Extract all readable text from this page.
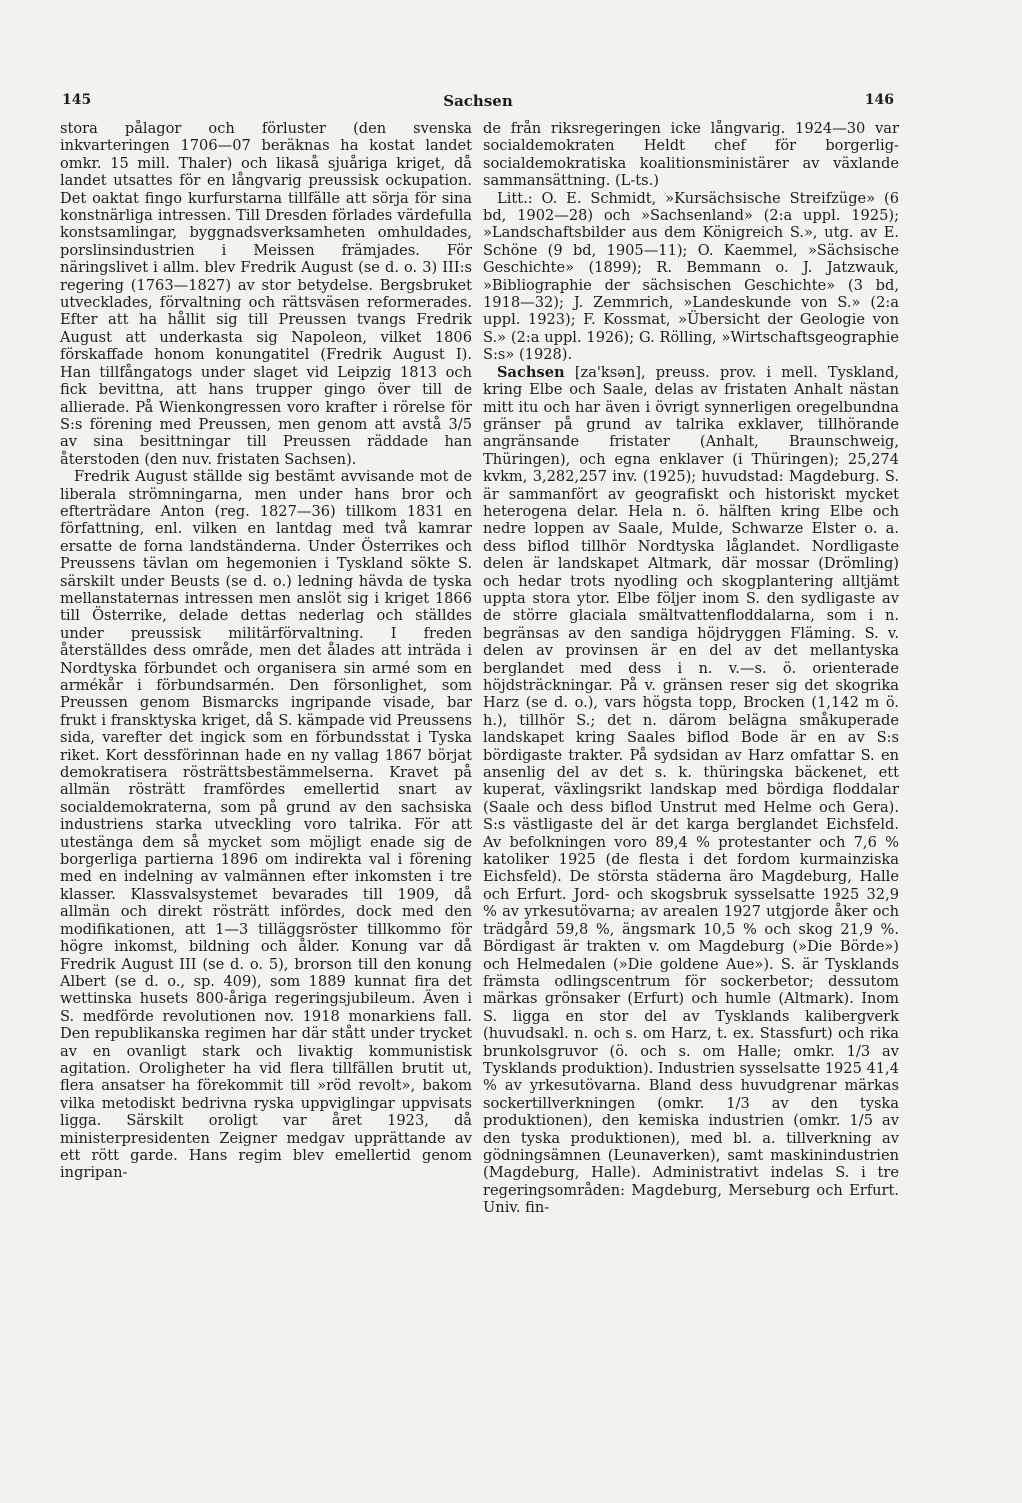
145	Sachsen	146

stora pålagor och förluster (den svenska inkvarteringen 1706—07 beräknas ha kostat landet omkr. 15 mill. Thaler) och likaså sjuåriga kriget, då landet utsattes för en långvarig preussisk ockupation. Det oaktat fingo kurfurstarna tillfälle att sörja för sina konstnärliga intressen. Till Dresden förlades värdefulla konstsamlingar, byggnadsverksamheten omhuldades, porslinsindustrien i Meissen främjades. För näringslivet i allm. blev Fredrik August (se d. o. 3) III:s regering (1763—1827) av stor betydelse. Bergsbruket utvecklades, förvaltning och rättsväsen reformerades. Efter att ha hållit sig till Preussen tvangs Fredrik August att underkasta sig Napoleon, vilket 1806 förskaffade honom konungatitel (Fredrik August I). Han tillfångatogs under slaget vid Leipzig 1813 och fick bevittna, att hans trupper gingo över till de allierade. På Wienkongressen voro krafter i rörelse för S:s förening med Preussen, men genom att avstå 3/5 av sina besittningar till Preussen räddade han återstoden (den nuv. fristaten Sachsen).

Fredrik August ställde sig bestämt avvisande mot de liberala strömningarna, men under hans bror och efterträdare Anton (reg. 1827—36) tillkom 1831 en författning, enl. vilken en lantdag med två kamrar ersatte de forna landständerna. Under Österrikes och Preussens tävlan om hegemonien i Tyskland sökte S. särskilt under Beusts (se d. o.) ledning hävda de tyska mellanstaternas intressen men anslöt sig i kriget 1866 till Österrike, delade dettas nederlag och ställdes under preussisk militärförvaltning. I freden återställdes dess område, men det ålades att inträda i Nordtyska förbundet och organisera sin armé som en armékår i förbundsarmén. Den försonlighet, som Preussen genom Bismarcks ingripande visade, bar frukt i fransktyska kriget, då S. kämpade vid Preussens sida, varefter det ingick som en förbundsstat i Tyska riket. Kort dessförinnan hade en ny vallag 1867 börjat demokratisera rösträttsbestämmelserna. Kravet på allmän rösträtt framfördes emellertid snart av socialdemokraterna, som på grund av den sachsiska industriens starka utveckling voro talrika. För att utestänga dem så mycket som möjligt enade sig de borgerliga partierna 1896 om indirekta val i förening med en indelning av valmännen efter inkomsten i tre klasser. Klassvalsystemet bevarades till 1909, då allmän och direkt rösträtt infördes, dock med den modifikationen, att 1—3 tilläggsröster tillkommo för högre inkomst, bildning och ålder. Konung var då Fredrik August III (se d. o. 5), brorson till den konung Albert (se d. o., sp. 409), som 1889 kunnat fira det wettinska husets 800-åriga regeringsjubileum. Även i S. medförde revolutionen nov. 1918 monarkiens fall. Den republikanska regimen har där stått under trycket av en ovanligt stark och livaktig kommunistisk agitation. Oroligheter ha vid flera tillfällen brutit ut, flera ansatser ha förekommit till »röd revolt», bakom vilka metodiskt bedrivna ryska uppviglingar uppvisats ligga. Särskilt oroligt var året 1923, då ministerpresidenten Zeigner medgav upprättande av ett rött garde. Hans regim blev emellertid genom ingripan-

de från riksregeringen icke långvarig. 1924—30 var socialdemokraten Heldt chef för borgerlig-socialdemokratiska koalitionsministärer av växlande sammansättning. (L-ts.)

Litt.: O. E. Schmidt, »Kursächsische Streifzüge» (6 bd, 1902—28) och »Sachsenland» (2:a uppl. 1925); »Landschaftsbilder aus dem Königreich S.», utg. av E. Schöne (9 bd, 1905—11); O. Kaemmel, »Sächsische Geschichte» (1899); R. Bemmann o. J. Jatzwauk, »Bibliographie der sächsischen Geschichte» (3 bd, 1918—32); J. Zemmrich, »Landeskunde von S.» (2:a uppl. 1923); F. Kossmat, »Übersicht der Geologie von S.» (2:a uppl. 1926); G. Rölling, »Wirtschaftsgeographie S:s» (1928).

Sachsen [za'ksən], preuss. prov. i mell. Tyskland, kring Elbe och Saale, delas av fristaten Anhalt nästan mitt itu och har även i övrigt synnerligen oregelbundna gränser på grund av talrika exklaver, tillhörande angränsande fristater (Anhalt, Braunschweig, Thüringen), och egna enklaver (i Thüringen); 25,274 kvkm, 3,282,257 inv. (1925); huvudstad: Magdeburg. S. är sammanfört av geografiskt och historiskt mycket heterogena delar. Hela n. ö. hälften kring Elbe och nedre loppen av Saale, Mulde, Schwarze Elster o. a. dess biflod tillhör Nordtyska låglandet. Nordligaste delen är landskapet Altmark, där mossar (Drömling) och hedar trots nyodling och skogplantering alltjämt uppta stora ytor. Elbe följer inom S. den sydligaste av de större glaciala smältvattenfloddalarna, som i n. begränsas av den sandiga höjdryggen Fläming. S. v. delen av provinsen är en del av det mellantyska berglandet med dess i n. v.—s. ö. orienterade höjdsträckningar. På v. gränsen reser sig det skogrika Harz (se d. o.), vars högsta topp, Brocken (1,142 m ö. h.), tillhör S.; det n. därom belägna småkuperade landskapet kring Saales biflod Bode är en av S:s bördigaste trakter. På sydsidan av Harz omfattar S. en ansenlig del av det s. k. thüringska bäckenet, ett kuperat, växlingsrikt landskap med bördiga floddalar (Saale och dess biflod Unstrut med Helme och Gera). S:s västligaste del är det karga berglandet Eichsfeld. Av befolkningen voro 89,4 % protestanter och 7,6 % katoliker 1925 (de flesta i det fordom kurmainziska Eichsfeld). De största städerna äro Magdeburg, Halle och Erfurt. Jord- och skogsbruk sysselsatte 1925 32,9 % av yrkesutövarna; av arealen 1927 utgjorde åker och trädgård 59,8 %, ängsmark 10,5 % och skog 21,9 %. Bördigast är trakten v. om Magdeburg (»Die Börde») och Helmedalen (»Die goldene Aue»). S. är Tysklands främsta odlingscentrum för sockerbetor; dessutom märkas grönsaker (Erfurt) och humle (Altmark). Inom S. ligga en stor del av Tysklands kalibergverk (huvudsakl. n. och s. om Harz, t. ex. Stassfurt) och rika brunkolsgruvor (ö. och s. om Halle; omkr. 1/3 av Tysklands produktion). Industrien sysselsatte 1925 41,4 % av yrkesutövarna. Bland dess huvudgrenar märkas sockertillverkningen (omkr. 1/3 av den tyska produktionen), den kemiska industrien (omkr. 1/5 av den tyska produktionen), med bl. a. tillverkning av gödningsämnen (Leunaverken), samt maskinindustrien (Magdeburg, Halle). Administrativt indelas S. i tre regeringsområden: Magdeburg, Merseburg och Erfurt. Univ. fin-
